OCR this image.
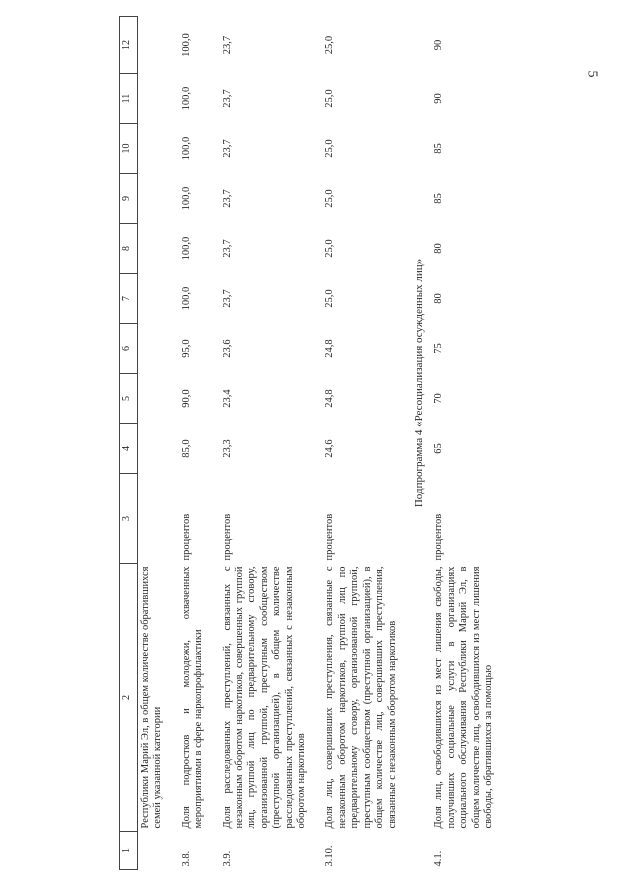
5
1	2	3	4	5	6	7	8	9	10	11	12
	Республики Марий Эл, в общем количестве обратившихся семей указанной категории										
3.8.	Доля подростков и молодежи, охваченных мероприятиями в сфере наркопрофилактики	процентов	85,0	90,0	95,0	100,0	100,0	100,0	100,0	100,0	100,0
3.9.	Доля расследованных преступлений, связанных с незаконным оборотом наркотиков, совершенных группой лиц, группой лиц по предварительному сговору, организованной группой, преступным сообществом (преступной организацией), в общем количестве расследованных преступлений, связанных с незаконным оборотом наркотиков	процентов	23,3	23,4	23,6	23,7	23,7	23,7	23,7	23,7	23,7
3.10.	Доля лиц, совершивших преступления, связанные с незаконным оборотом наркотиков, группой лиц по предварительному сговору, организованной группой, преступным сообществом (преступной организацией), в общем количестве лиц, совершивших преступления, связанные с незаконным оборотом наркотиков	процентов	24,6	24,8	24,8	25,0	25,0	25,0	25,0	25,0	25,0
Подпрограмма 4 «Ресоциализация осужденных лиц»											
4.1.	Доля лиц, освободившихся из мест лишения свободы, получивших социальные услуги в организациях социального обслуживания Республики Марий Эл, в общем количестве лиц, освободившихся из мест лишения свободы, обратившихся за помощью	процентов	65	70	75	80	80	85	85	90	90
